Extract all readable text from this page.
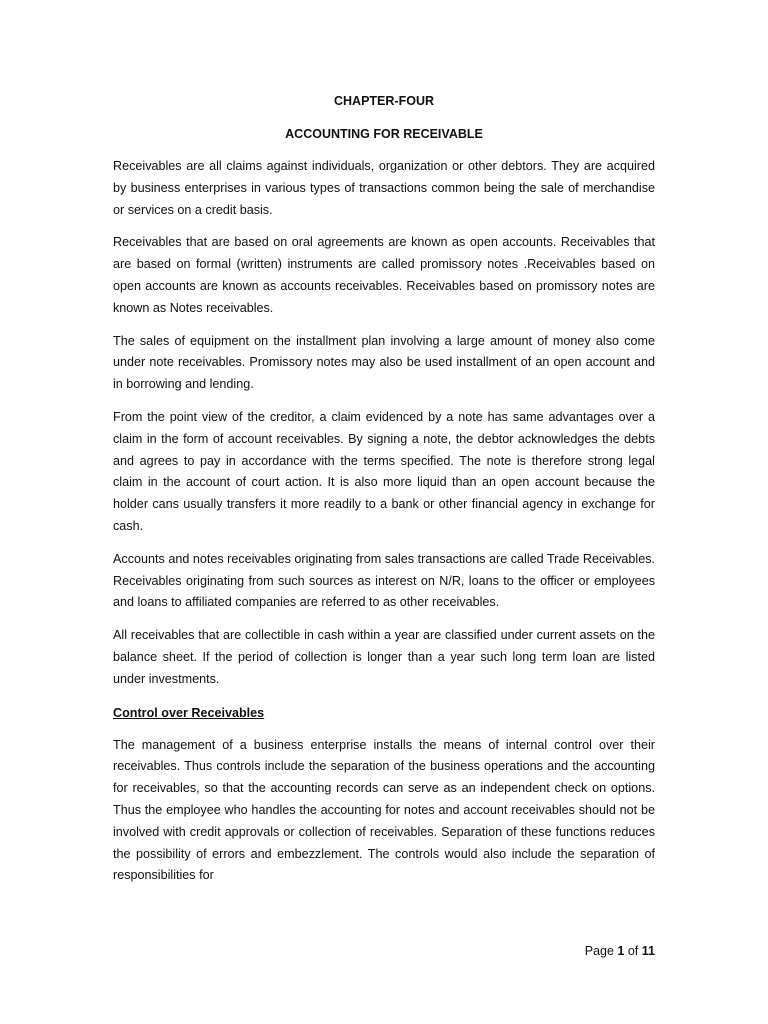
CHAPTER-FOUR
ACCOUNTING FOR RECEIVABLE

Receivables are all claims against individuals, organization or other debtors. They are acquired by business enterprises in various types of transactions common being the sale of merchandise or services on a credit basis.

Receivables that are based on oral agreements are known as open accounts. Receivables that are based on formal (written) instruments are called promissory notes .Receivables based on open accounts are known as accounts receivables. Receivables based on promissory notes are known as Notes receivables.

The sales of equipment on the installment plan involving a large amount of money also come under note receivables. Promissory notes may also be used installment of an open account and in borrowing and lending.

From the point view of the creditor, a claim evidenced by a note has same advantages over a claim in the form of account receivables. By signing a note, the debtor acknowledges the debts and agrees to pay in accordance with the terms specified. The note is therefore strong legal claim in the account of court action. It is also more liquid than an open account because the holder cans usually transfers it more readily to a bank or other financial agency in exchange for cash.

Accounts and notes receivables originating from sales transactions are called Trade Receivables. Receivables originating from such sources as interest on N/R, loans to the officer or employees and loans to affiliated companies are referred to as other receivables.

All receivables that are collectible in cash within a year are classified under current assets on the balance sheet. If the period of collection is longer than a year such long term loan are listed under investments.

Control over Receivables

The management of a business enterprise installs the means of internal control over their receivables. Thus controls include the separation of the business operations and the accounting for receivables, so that the accounting records can serve as an independent check on options. Thus the employee who handles the accounting for notes and account receivables should not be involved with credit approvals or collection of receivables. Separation of these functions reduces the possibility of errors and embezzlement. The controls would also include the separation of responsibilities for

Page 1 of 11
